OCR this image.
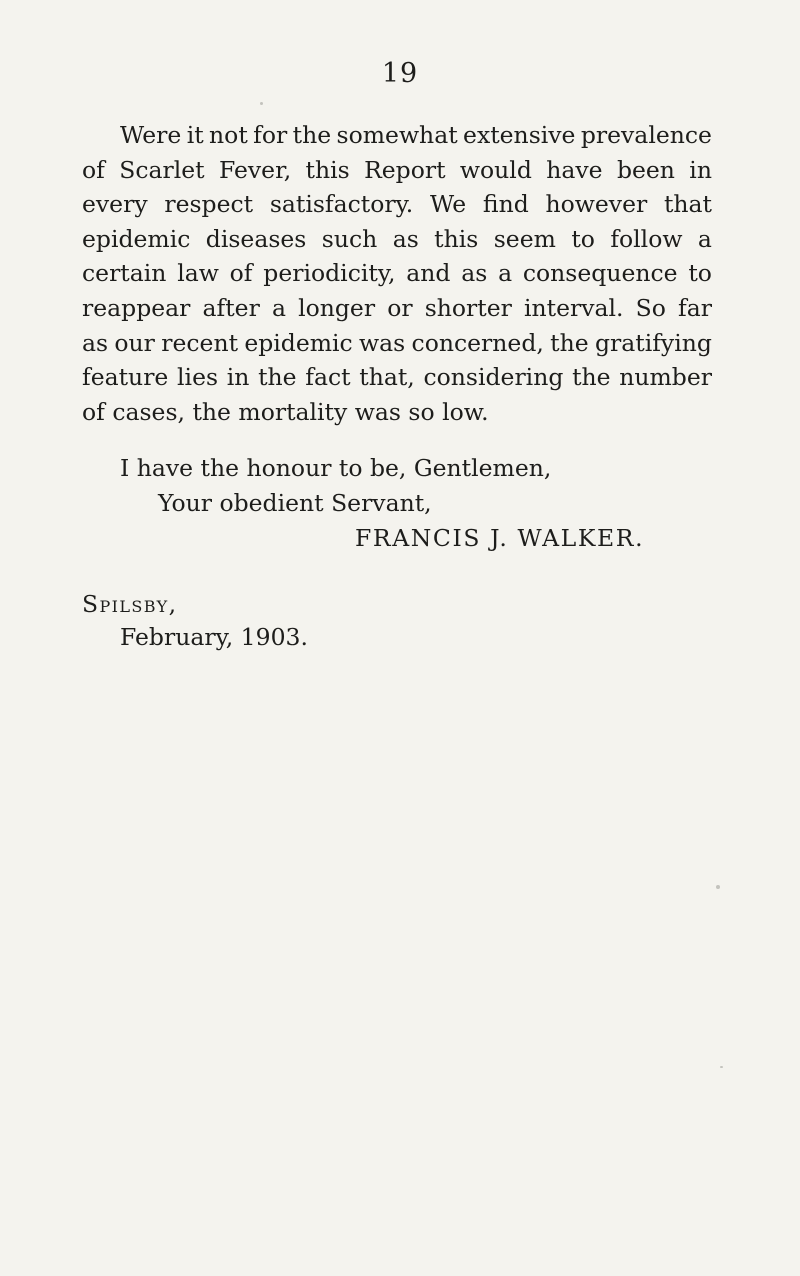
19
Were it not for the somewhat extensive prevalence
of Scarlet Fever, this Report would have been in
every respect satisfactory. We find however that
epidemic diseases such as this seem to follow a
certain law of periodicity, and as a consequence to
reappear after a longer or shorter interval. So far
as our recent epidemic was concerned, the gratifying
feature lies in the fact that, considering the number
of cases, the mortality was so low.
I have the honour to be, Gentlemen,
Your obedient Servant,
FRANCIS J. WALKER.
Spilsby,
February, 1903.
